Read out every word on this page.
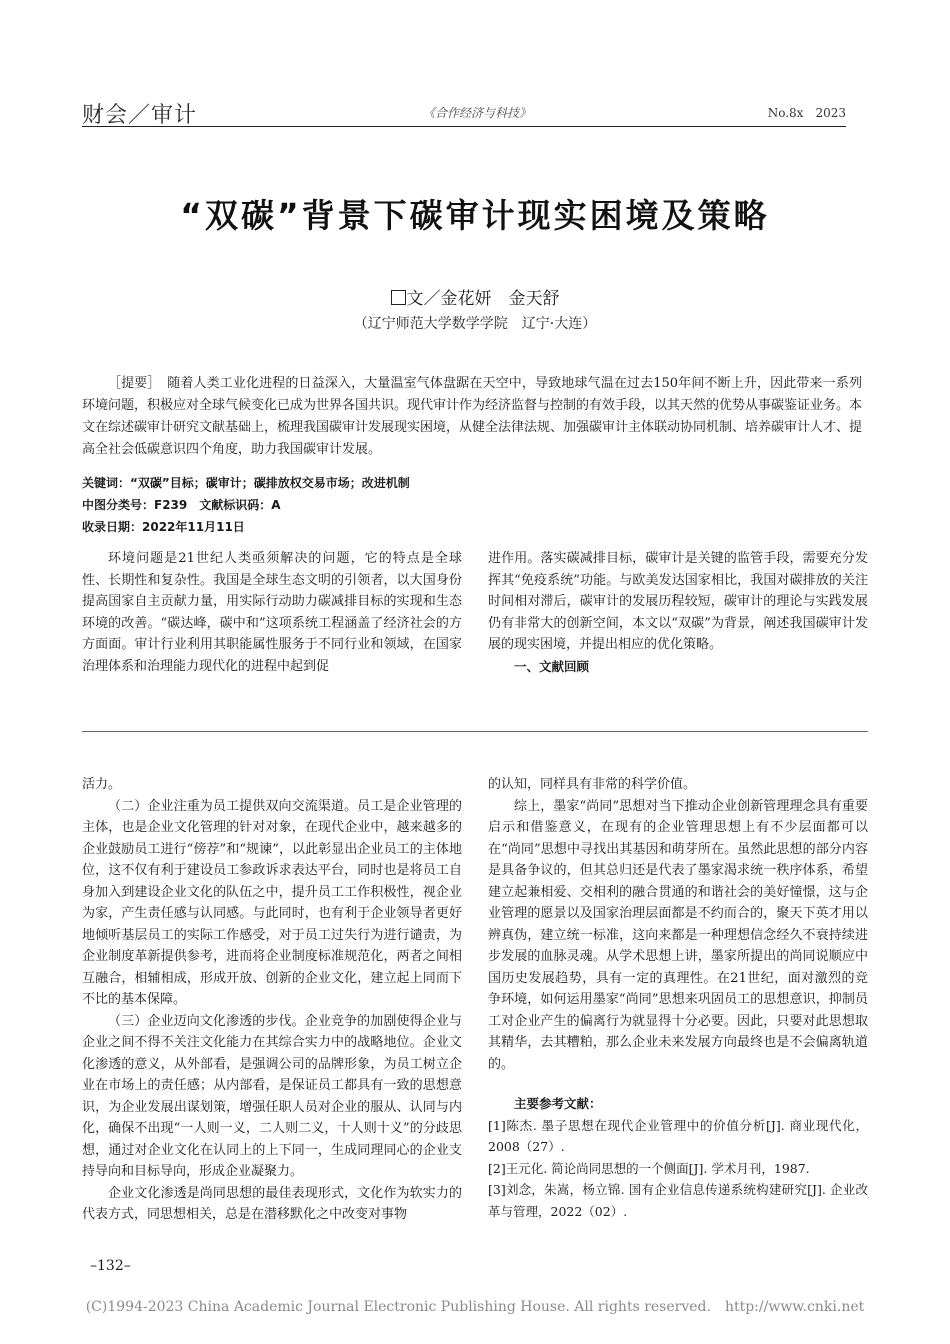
财会／审计	《合作经济与科技》	No.8x　2023
“双碳”背景下碳审计现实困境及策略
文／金花妍　金天舒
（辽宁师范大学数学学院　辽宁·大连）
［提要］　 随着人类工业化进程的日益深入，大量温室气体盘踞在天空中，导致地球气温在过去150年间不断上升，因此带来一系列环境问题，积极应对全球气候变化已成为世界各国共识。现代审计作为经济监督与控制的有效手段，以其天然的优势从事碳鉴证业务。本文在综述碳审计研究文献基础上，梳理我国碳审计发展现实困境，从健全法律法规、加强碳审计主体联动协同机制、培养碳审计人才、提高全社会低碳意识四个角度，助力我国碳审计发展。
关键词：“双碳”目标；碳审计；碳排放权交易市场；改进机制
中图分类号：F239　文献标识码：A
收录日期：2022年11月11日

环境问题是21世纪人类亟须解决的问题，它的特点是全球性、长期性和复杂性。我国是全球生态文明的引领者，以大国身份提高国家自主贡献力量，用实际行动助力碳减排目标的实现和生态环境的改善。“碳达峰，碳中和”这项系统工程涵盖了经济社会的方方面面。审计行业利用其职能属性服务于不同行业和领域，在国家治理体系和治理能力现代化的进程中起到促

进作用。落实碳减排目标，碳审计是关键的监管手段，需要充分发挥其“免疫系统”功能。与欧美发达国家相比，我国对碳排放的关注时间相对滞后，碳审计的发展历程较短，碳审计的理论与实践发展仍有非常大的创新空间，本文以“双碳”为背景，阐述我国碳审计发展的现实困境，并提出相应的优化策略。

一、文献回顾

活力。

（二）企业注重为员工提供双向交流渠道。员工是企业管理的主体，也是企业文化管理的针对对象，在现代企业中，越来越多的企业鼓励员工进行“傍荐”和“规谏”，以此彰显出企业员工的主体地位，这不仅有利于建设员工参政诉求表达平台，同时也是将员工自身加入到建设企业文化的队伍之中，提升员工工作积极性，视企业为家，产生责任感与认同感。与此同时，也有利于企业领导者更好地倾听基层员工的实际工作感受，对于员工过失行为进行谴责，为企业制度革新提供参考，进而将企业制度标准规范化，两者之间相互融合，相辅相成，形成开放、创新的企业文化，建立起上同而下不比的基本保障。

（三）企业迈向文化渗透的步伐。企业竞争的加剧使得企业与企业之间不得不关注文化能力在其综合实力中的战略地位。企业文化渗透的意义，从外部看，是强调公司的品牌形象，为员工树立企业在市场上的责任感；从内部看，是保证员工都具有一致的思想意识，为企业发展出谋划策，增强任职人员对企业的服从、认同与内化，确保不出现“一人则一义，二人则二义，十人则十义”的分歧思想，通过对企业文化在认同上的上下同一，生成同理同心的企业支持导向和目标导向，形成企业凝聚力。

企业文化渗透是尚同思想的最佳表现形式，文化作为软实力的代表方式，同思想相关，总是在潜移默化之中改变对事物

的认知，同样具有非常的科学价值。

综上，墨家“尚同”思想对当下推动企业创新管理理念具有重要启示和借鉴意义，在现有的企业管理思想上有不少层面都可以在“尚同”思想中寻找出其基因和萌芽所在。虽然此思想的部分内容是具备争议的，但其总归还是代表了墨家渴求统一秩序体系，希望建立起兼相爱、交相利的融合贯通的和谐社会的美好憧憬，这与企业管理的愿景以及国家治理层面都是不约而合的，聚天下英才用以辨真伪，建立统一标准，这向来都是一种理想信念经久不衰持续进步发展的血脉灵魂。从学术思想上讲，墨家所提出的尚同说顺应中国历史发展趋势，具有一定的真理性。在21世纪，面对激烈的竞争环境，如何运用墨家“尚同”思想来巩固员工的思想意识，抑制员工对企业产生的偏离行为就显得十分必要。因此，只要对此思想取其精华，去其糟粕，那么企业未来发展方向最终也是不会偏离轨道的。

主要参考文献：

[1]陈杰. 墨子思想在现代企业管理中的价值分析[J]. 商业现代化，2008（27）.
[2]王元化. 简论尚同思想的一个侧面[J]. 学术月刊，1987.
[3]刘念，朱嵩，杨立锦. 国有企业信息传递系统构建研究[J]. 企业改革与管理，2022（02）.
–132–
(C)1994-2023 China Academic Journal Electronic Publishing House. All rights reserved.　http://www.cnki.net
